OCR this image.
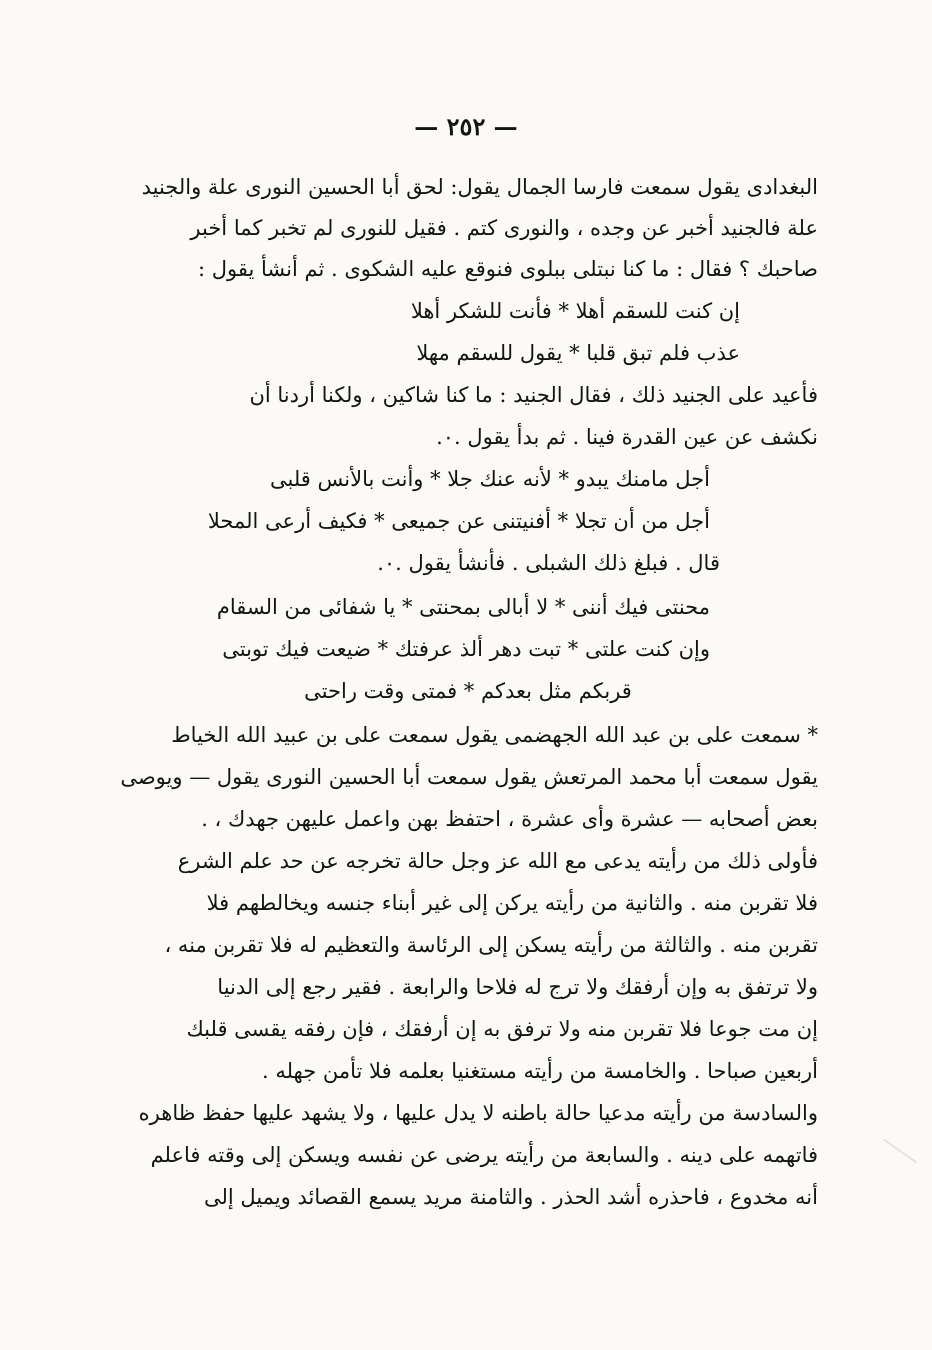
— ٢٥٢ —
البغدادى يقول سمعت فارسا الجمال يقول: لحق أبا الحسين النورى علة والجنيد
علة فالجنيد أخبر عن وجده ، والنورى كتم . فقيل للنورى لم تخبر كما أخبر
صاحبك ؟ فقال : ما كنا نبتلى ببلوى فنوقع عليه الشكوى . ثم أنشأ يقول :
إن كنت للسقم أهلا * فأنت للشكر أهلا
عذب فلم تبق قلبا * يقول للسقم مهلا
فأعيد على الجنيد ذلك ، فقال الجنيد : ما كنا شاكين ، ولكنا أردنا أن
نكشف عن عين القدرة فينا . ثم بدأ يقول .٠.
أجل مامنك يبدو * لأنه عنك جلا * وأنت بالأنس قلبى
أجل من أن تجلا * أفنيتنى عن جميعى * فكيف أرعى المحلا
قال . فبلغ ذلك الشبلى . فأنشأ يقول .٠.
محنتى فيك أننى * لا أبالى بمحنتى * يا شفائى من السقام
وإن كنت علتى * تبت دهر ألذ عرفتك * ضيعت فيك توبتى
قربكم مثل بعدكم * فمتى وقت راحتى
* سمعت على بن عبد الله الجهضمى يقول سمعت على بن عبيد الله الخياط
يقول سمعت أبا محمد المرتعش يقول سمعت أبا الحسين النورى يقول — ويوصى
بعض أصحابه — عشرة وأى عشرة ، احتفظ بهن واعمل عليهن جهدك ، .
فأولى ذلك من رأيته يدعى مع الله عز وجل حالة تخرجه عن حد علم الشرع
فلا تقربن منه . والثانية من رأيته يركن إلى غير أبناء جنسه ويخالطهم فلا
تقربن منه . والثالثة من رأيته يسكن إلى الرئاسة والتعظيم له فلا تقربن منه ،
ولا ترتفق به وإن أرفقك ولا ترج له فلاحا والرابعة . فقير رجع إلى الدنيا
إن مت جوعا فلا تقربن منه ولا ترفق به إن أرفقك ، فإن رفقه يقسى قلبك
أربعين صباحا . والخامسة من رأيته مستغنيا بعلمه فلا تأمن جهله .
والسادسة من رأيته مدعيا حالة باطنه لا يدل عليها ، ولا يشهد عليها حفظ ظاهره
فاتهمه على دينه . والسابعة من رأيته يرضى عن نفسه ويسكن إلى وقته فاعلم
أنه مخدوع ، فاحذره أشد الحذر . والثامنة مريد يسمع القصائد ويميل إلى
